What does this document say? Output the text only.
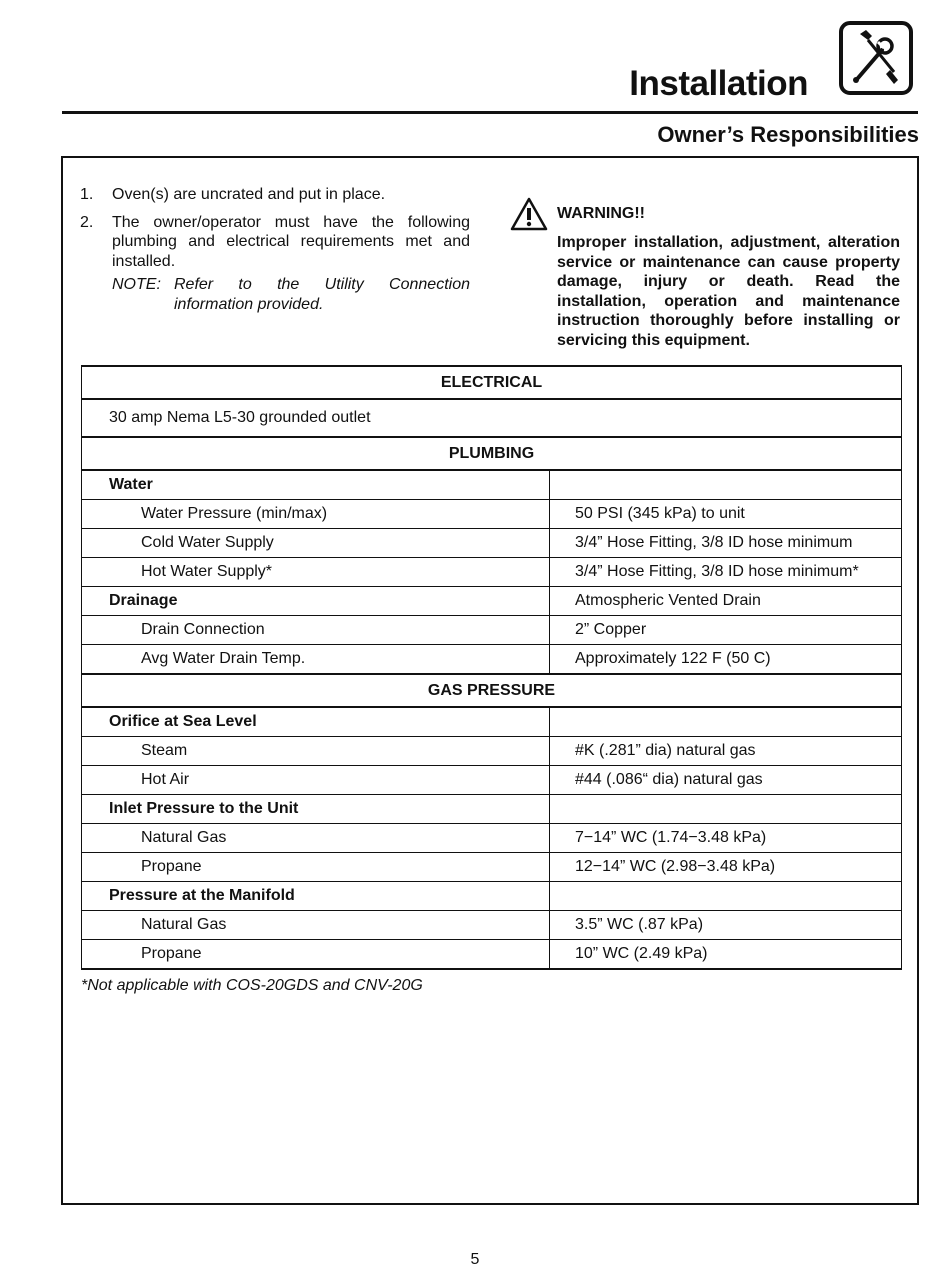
Installation
Owner’s Responsibilities
1.	Oven(s) are uncrated and put in place.
2.	The owner/operator must have the following plumbing and electrical requirements met and installed.
NOTE: Refer to the Utility Connection information provided.
WARNING!!
Improper installation, adjustment, alteration service or maintenance can cause property damage, injury or death. Read the installation, operation and maintenance instruction thoroughly before installing or servicing this equipment.
ELECTRICAL	
30 amp Nema L5-30 grounded outlet	
PLUMBING	
Water	
Water Pressure (min/max)	50 PSI (345 kPa) to unit
Cold Water Supply	3/4” Hose Fitting, 3/8 ID hose minimum
Hot Water Supply*	3/4” Hose Fitting, 3/8 ID hose minimum*
Drainage	Atmospheric Vented Drain
Drain Connection	2” Copper
Avg Water Drain Temp.	Approximately 122 F (50 C)
GAS PRESSURE	
Orifice at Sea Level	
Steam	#K (.281” dia) natural gas
Hot Air	#44 (.086“ dia) natural gas
Inlet Pressure to the Unit	
Natural Gas	7−14” WC (1.74−3.48 kPa)
Propane	12−14” WC (2.98−3.48 kPa)
Pressure at the Manifold	
Natural Gas	3.5” WC (.87 kPa)
Propane	10” WC (2.49 kPa)
*Not applicable with COS-20GDS and CNV-20G
5
